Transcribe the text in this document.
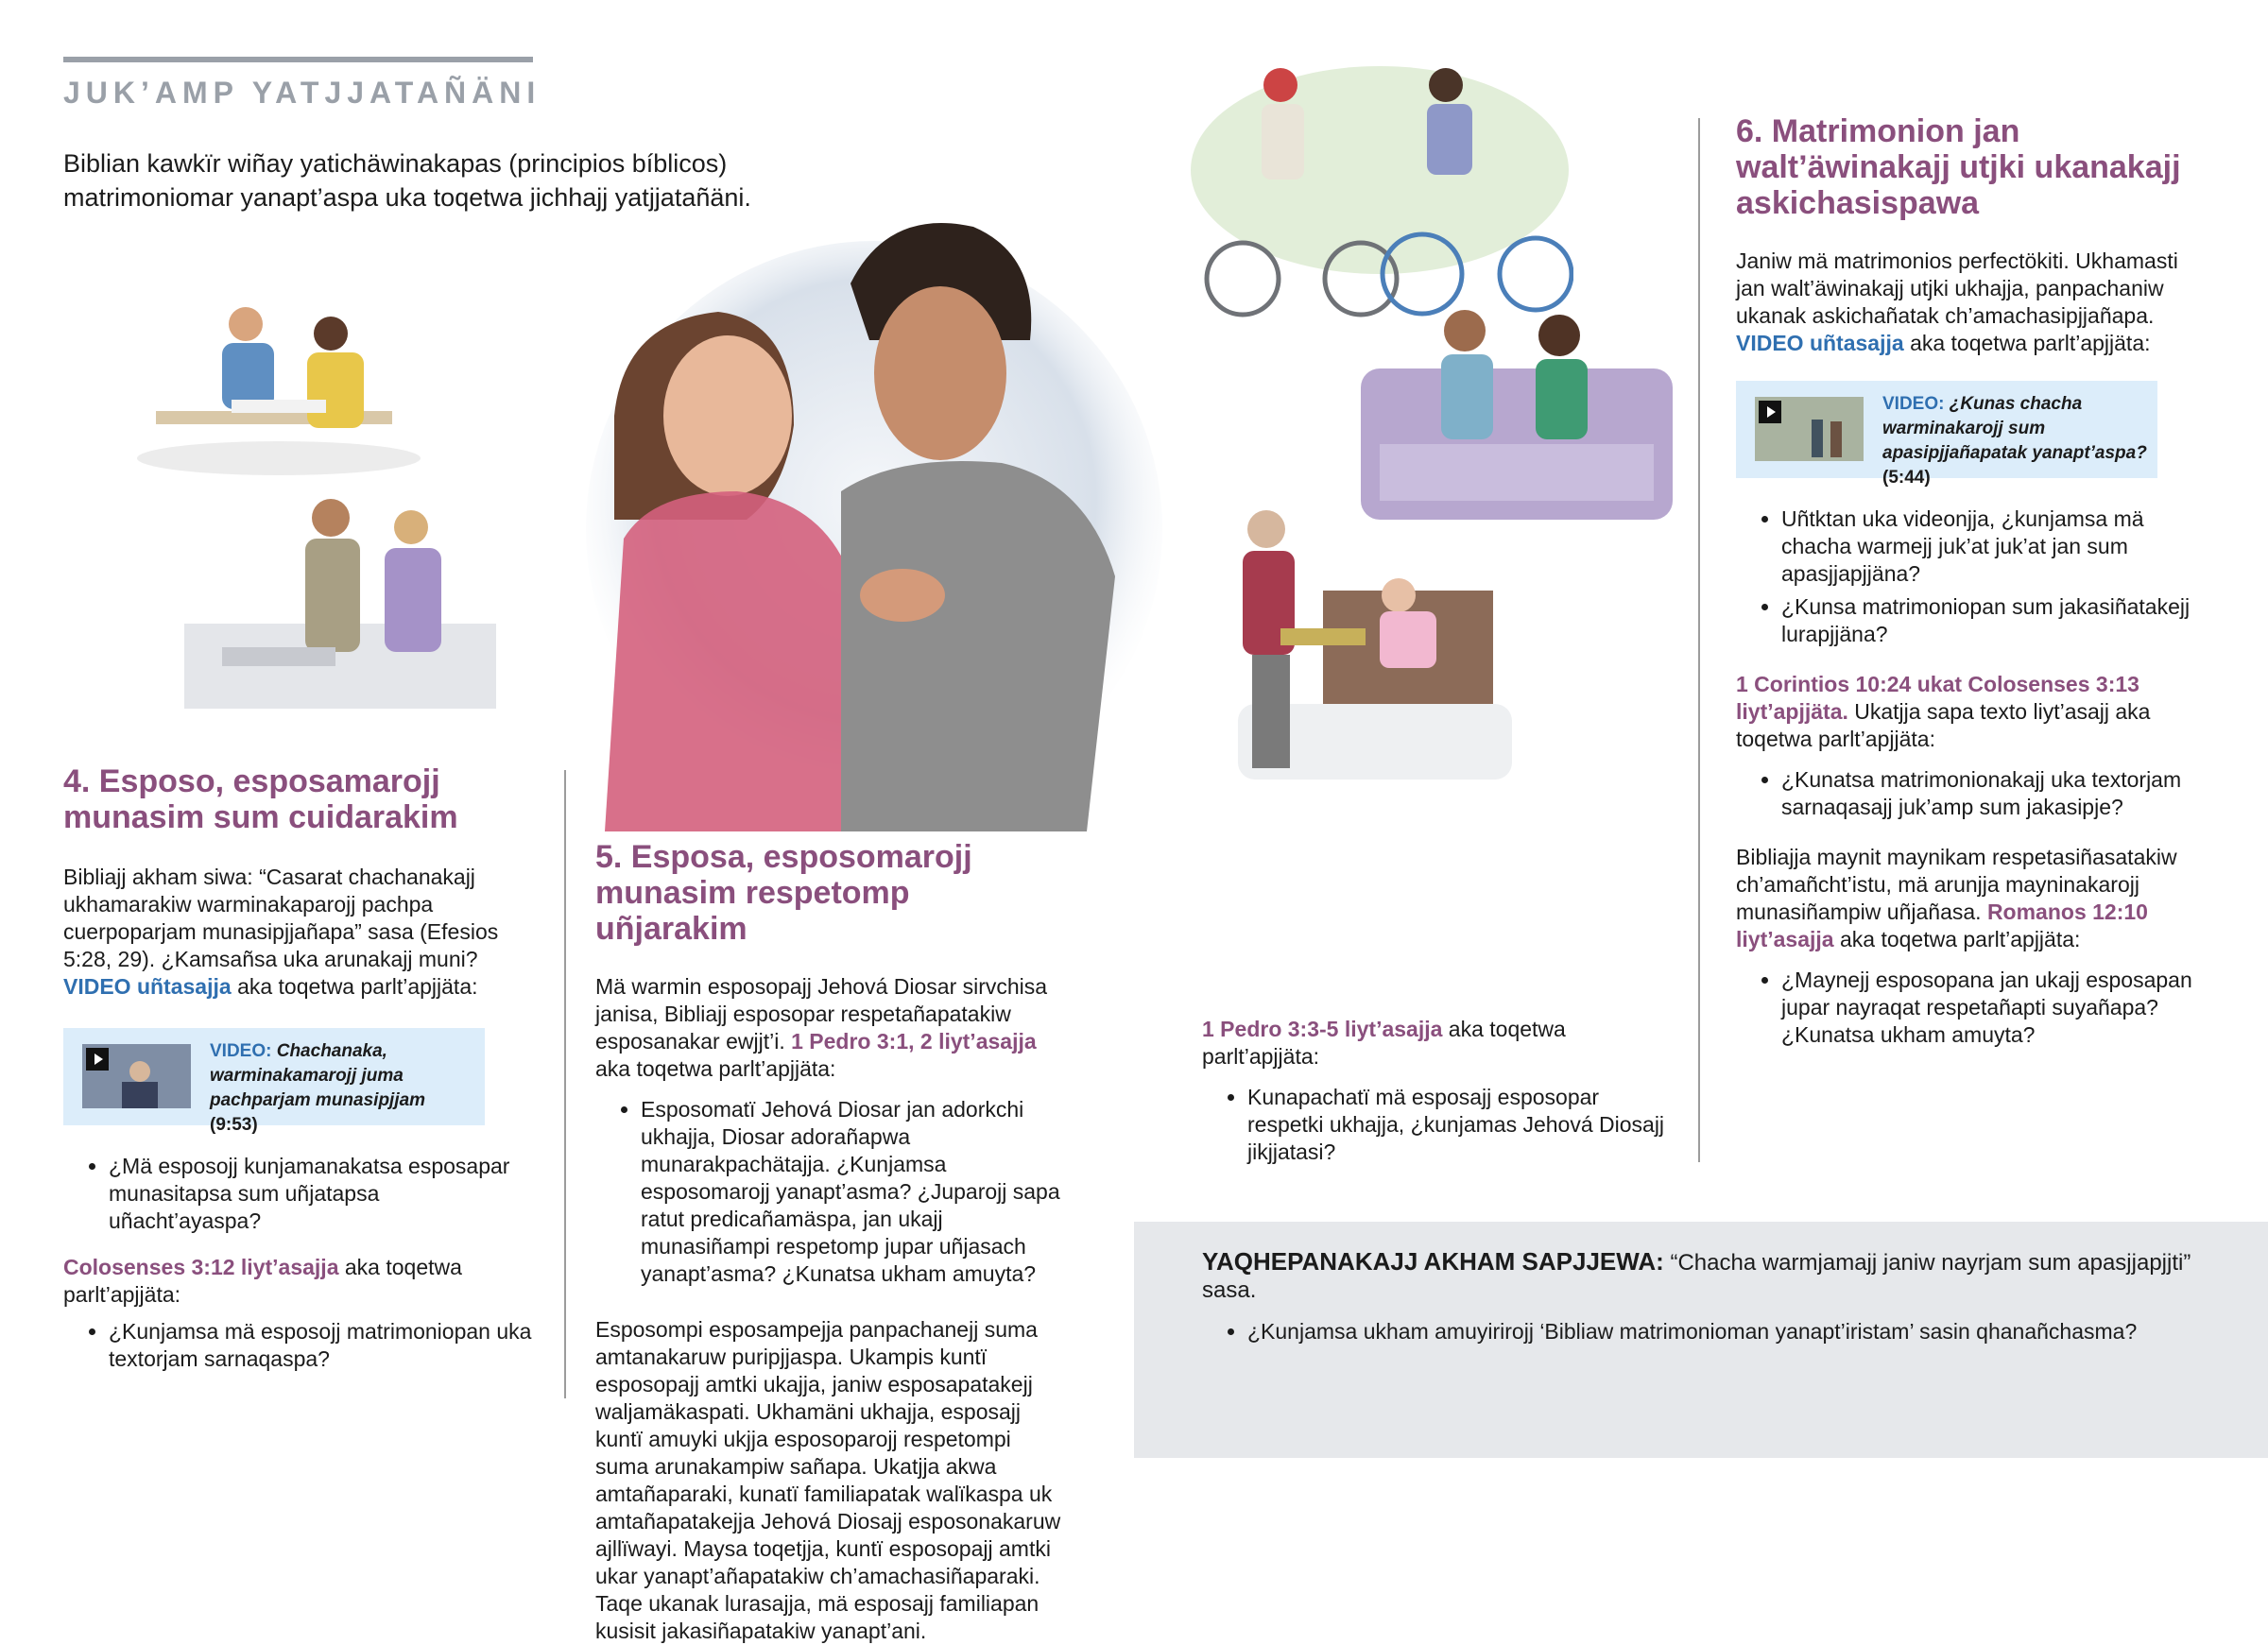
JUK’AMP YATJJATAÑÄNI

Biblian kawkïr wiñay yatichäwinakapas (principios bíblicos) matrimoniomar yanapt’aspa uka toqetwa jichhajj yatjjatañäni.

4. Esposo, esposamarojj munasim sum cuidarakim

Bibliajj akham siwa: “Casarat chachanakajj ukhamarakiw warminakaparojj pachpa cuerpoparjam munasipjjañapa” sasa (Efesios 5:28, 29). ¿Kamsañsa uka arunakajj muni? VIDEO uñtasajja aka toqetwa parlt’apjjäta:

VIDEO: Chachanaka, warminakamarojj juma pachparjam munasipjjam (9:53)
• ¿Mä esposojj kunjamanakatsa esposapar munasitapsa sum uñjatapsa uñacht’ayaspa?

Colosenses 3:12 liyt’asajja aka toqetwa parlt’apjjäta:

• ¿Kunjamsa mä esposojj matrimoniopan uka textorjam sarnaqaspa?
5. Esposa, esposomarojj munasim respetomp uñjarakim

Mä warmin esposopajj Jehová Diosar sirvchisa janisa, Bibliajj esposopar respetañapatakiw esposanakar ewjjt’i. 1 Pedro 3:1, 2 liyt’asajja aka toqetwa parlt’apjjäta:

• Esposomatï Jehová Diosar jan adorkchi ukhajja, Diosar adorañapwa munarakpachätajja. ¿Kunjamsa esposomarojj yanapt’asma? ¿Juparojj sapa ratut predicañamäspa, jan ukajj munasiñampi respetomp jupar uñjasach yanapt’asma? ¿Kunatsa ukham amuyta?

Esposompi esposampejja panpachanejj suma amtanakaruw puripjjaspa. Ukampis kuntï esposopajj amtki ukajja, janiw esposapatakejj waljamäkaspati. Ukhamäni ukhajja, esposajj kuntï amuyki ukjja esposoparojj respetompi suma arunakampiw sañapa. Ukatjja akwa amtañaparaki, kunatï familiapatak walïkaspa uk amtañapatakejja Jehová Diosajj esposonakaruw ajllïwayi. Maysa toqetjja, kuntï esposopajj amtki ukar yanapt’añapatakiw ch’amachasiñaparaki. Taqe ukanak lurasajja, mä esposajj familiapan kusisit jakasiñapatakiw yanapt’ani.

1 Pedro 3:3-5 liyt’asajja aka toqetwa parlt’apjjäta:

• Kunapachatï mä esposajj esposopar respetki ukhajja, ¿kunjamas Jehová Diosajj jikjjatasi?
6. Matrimonion jan walt’äwinakajj utjki ukanakajj askichasispawa

Janiw mä matrimonios perfectökiti. Ukhamasti jan walt’äwinakajj utjki ukhajja, panpachaniw ukanak askichañatak ch’amachasipjjañapa. VIDEO uñtasajja aka toqetwa parlt’apjjäta:

VIDEO: ¿Kunas chacha warminakarojj sum apasipjjañapatak yanapt’aspa? (5:44)
• Uñtktan uka videonjja, ¿kunjamsa mä chacha warmejj juk’at juk’at jan sum apasjjapjjäna?
• ¿Kunsa matrimoniopan sum jakasiñatakejj lurapjjäna?

1 Corintios 10:24 ukat Colosenses 3:13 liyt’apjjäta. Ukatjja sapa texto liyt’asajj aka toqetwa parlt’apjjäta:

• ¿Kunatsa matrimonionakajj uka textorjam sarnaqasajj juk’amp sum jakasipje?

Bibliajja maynit maynikam respetasiñasatakiw ch’amañcht’istu, mä arunjja mayninakarojj munasiñampiw uñjañasa. Romanos 12:10 liyt’asajja aka toqetwa parlt’apjjäta:

• ¿Maynejj esposopana jan ukajj esposapan jupar nayraqat respetañapti suyañapa? ¿Kunatsa ukham amuyta?

YAQHEPANAKAJJ AKHAM SAPJJEWA: “Chacha warmjamajj janiw nayrjam sum apasjjapjjti” sasa.

• ¿Kunjamsa ukham amuyirirojj ‘Bibliaw matrimonioman yanapt’iristam’ sasin qhanañchasma?
